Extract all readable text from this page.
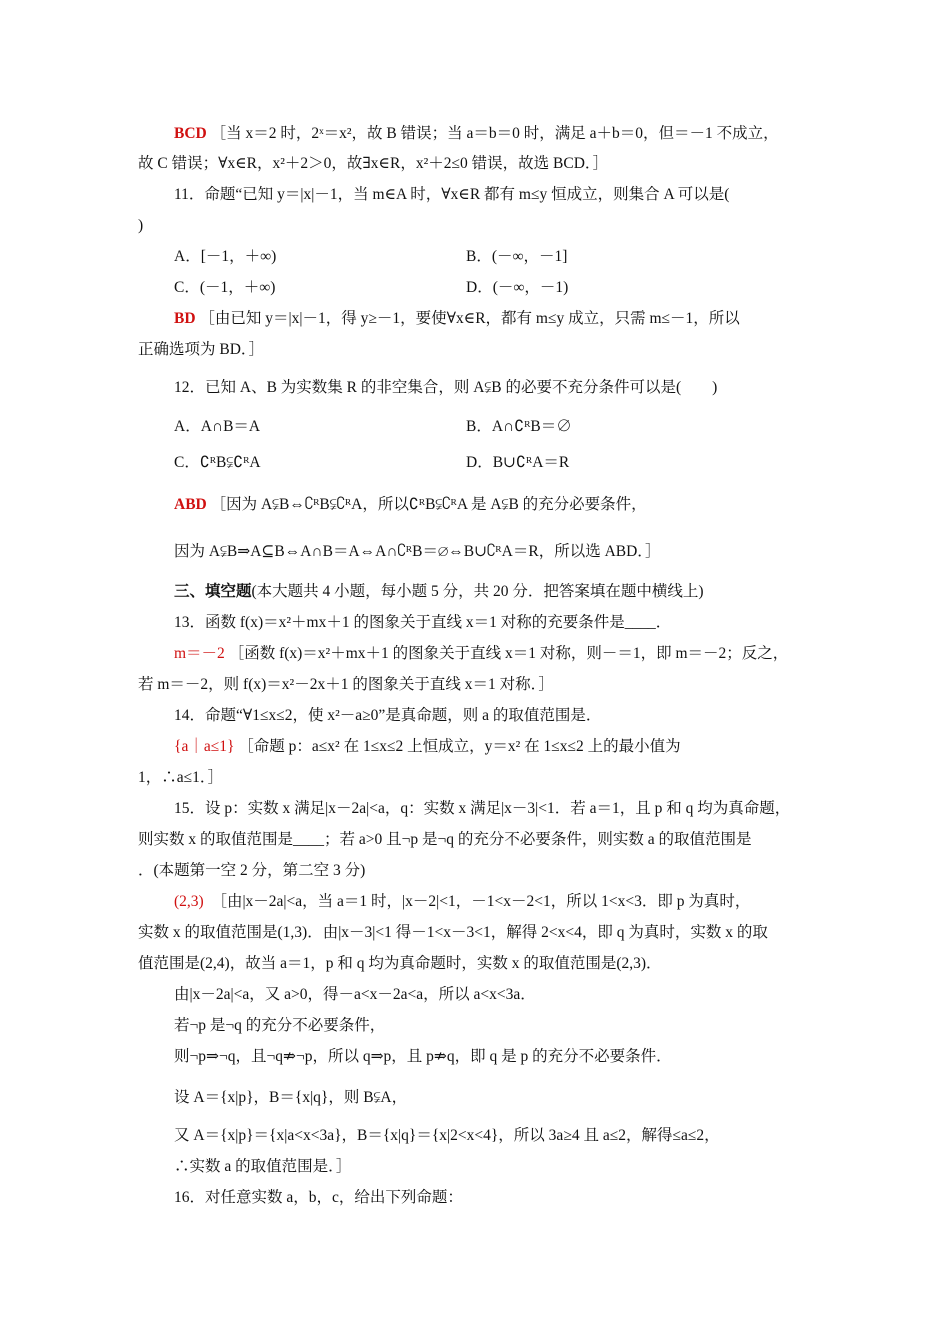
BCD ［当 x＝2 时，2ˣ＝x²，故 B 错误；当 a＝b＝0 时，满足 a＋b＝0，但＝－1 不成立，
故 C 错误；∀x∈R，x²＋2＞0，故∃x∈R，x²＋2≤0 错误，故选 BCD．］
11．命题“已知 y＝|x|－1，当 m∈A 时，∀x∈R 都有 m≤y 恒成立，则集合 A 可以是(
)
A．[－1，＋∞)	B．(－∞，－1]
C．(－1，＋∞)	D．(－∞，－1)
BD ［由已知 y＝|x|－1，得 y≥－1，要使∀x∈R，都有 m≤y 成立，只需 m≤－1，所以
正确选项为 BD．］
12．已知 A、B 为实数集 R 的非空集合，则 A⫋B 的必要不充分条件可以是(　　)
A．A∩B＝A	B．A∩∁ᴿB＝∅
C．∁ᴿB⫋∁ᴿA	D．B∪∁ᴿA＝R
ABD ［因为 A⫋B⇔∁ᴿB⫋∁ᴿA，所以∁ᴿB⫋∁ᴿA 是 A⫋B 的充分必要条件，
因为 A⫋B⇒A⊆B⇔A∩B＝A⇔A∩∁ᴿB＝∅⇔B∪∁ᴿA＝R，所以选 ABD．］
三、填空题(本大题共 4 小题，每小题 5 分，共 20 分．把答案填在题中横线上)
13．函数 f(x)＝x²＋mx＋1 的图象关于直线 x＝1 对称的充要条件是____．
m＝－2 ［函数 f(x)＝x²＋mx＋1 的图象关于直线 x＝1 对称，则－＝1，即 m＝－2；反之，
若 m＝－2，则 f(x)＝x²－2x＋1 的图象关于直线 x＝1 对称．］
14．命题“∀1≤x≤2，使 x²－a≥0”是真命题，则 a 的取值范围是．
{a｜a≤1} ［命题 p：a≤x² 在 1≤x≤2 上恒成立，y＝x² 在 1≤x≤2 上的最小值为
1，∴a≤1．］
15．设 p：实数 x 满足|x－2a|<a，q：实数 x 满足|x－3|<1．若 a＝1，且 p 和 q 均为真命题，
则实数 x 的取值范围是____；若 a>0 且¬p 是¬q 的充分不必要条件，则实数 a 的取值范围是
．(本题第一空 2 分，第二空 3 分)
(2,3)　［由|x－2a|<a，当 a＝1 时，|x－2|<1，－1<x－2<1，所以 1<x<3．即 p 为真时，
实数 x 的取值范围是(1,3)．由|x－3|<1 得－1<x－3<1，解得 2<x<4，即 q 为真时，实数 x 的取
值范围是(2,4)，故当 a＝1，p 和 q 均为真命题时，实数 x 的取值范围是(2,3)．
由|x－2a|<a，又 a>0，得－a<x－2a<a，所以 a<x<3a．
若¬p 是¬q 的充分不必要条件，
则¬p⇒¬q，且¬q⇏¬p，所以 q⇒p，且 p⇏q，即 q 是 p 的充分不必要条件．
设 A＝{x|p}，B＝{x|q}，则 B⫋A，
又 A＝{x|p}＝{x|a<x<3a}，B＝{x|q}＝{x|2<x<4}，所以 3a≥4 且 a≤2，解得≤a≤2，
∴实数 a 的取值范围是．］
16．对任意实数 a，b，c，给出下列命题：
